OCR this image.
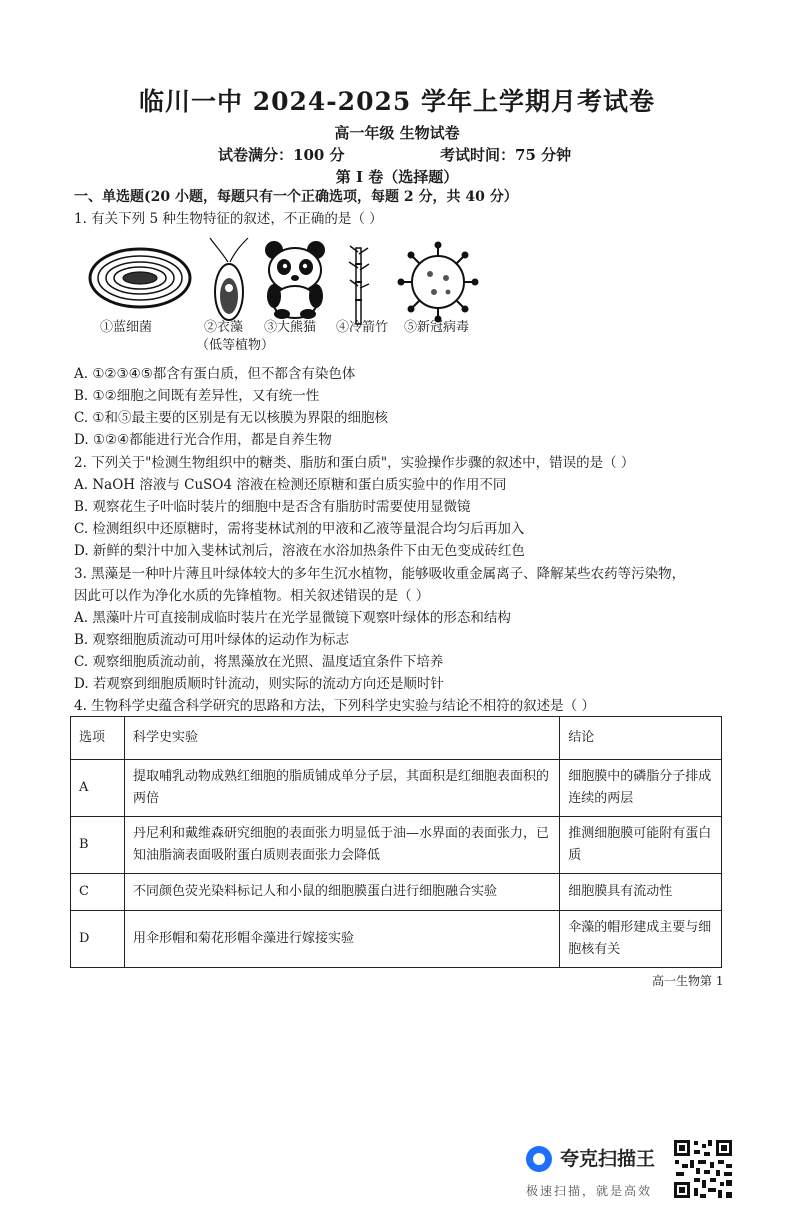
临川一中 2024-2025 学年上学期月考试卷
高一年级 生物试卷
试卷满分：100 分	考试时间：75 分钟
第 I 卷（选择题）
一、单选题(20 小题，每题只有一个正确选项，每题 2 分，共 40 分）
1. 有关下列 5 种生物特征的叙述，不正确的是（ ）
①蓝细菌	②衣藻
（低等植物）
③大熊猫 ④冷箭竹 ⑤新冠病毒
A. ①②③④⑤都含有蛋白质，但不都含有染色体
B. ①②细胞之间既有差异性，又有统一性
C. ①和⑤最主要的区别是有无以核膜为界限的细胞核
D. ①②④都能进行光合作用，都是自养生物
2. 下列关于"检测生物组织中的糖类、脂肪和蛋白质"，实验操作步骤的叙述中，错误的是（ ）
A. NaOH 溶液与 CuSO4 溶液在检测还原糖和蛋白质实验中的作用不同
B. 观察花生子叶临时装片的细胞中是否含有脂肪时需要使用显微镜
C. 检测组织中还原糖时，需将斐林试剂的甲液和乙液等量混合均匀后再加入
D. 新鲜的梨汁中加入斐林试剂后，溶液在水浴加热条件下由无色变成砖红色
3. 黑藻是一种叶片薄且叶绿体较大的多年生沉水植物，能够吸收重金属离子、降解某些农药等污染物，
因此可以作为净化水质的先锋植物。相关叙述错误的是（ ）
A. 黑藻叶片可直接制成临时装片在光学显微镜下观察叶绿体的形态和结构
B. 观察细胞质流动可用叶绿体的运动作为标志
C. 观察细胞质流动前，将黑藻放在光照、温度适宜条件下培养
D. 若观察到细胞质顺时针流动，则实际的流动方向还是顺时针
4. 生物科学史蕴含科学研究的思路和方法，下列科学史实验与结论不相符的叙述是（ ）
选项	科学史实验	结论
A	提取哺乳动物成熟红细胞的脂质铺成单分子层，其面积是红细胞表面积的两倍	细胞膜中的磷脂分子排成连续的两层
B	丹尼利和戴维森研究细胞的表面张力明显低于油—水界面的表面张力，已知油脂滴表面吸附蛋白质则表面张力会降低	推测细胞膜可能附有蛋白质
C	不同颜色荧光染料标记人和小鼠的细胞膜蛋白进行细胞融合实验	细胞膜具有流动性
D	用伞形帽和菊花形帽伞藻进行嫁接实验	伞藻的帽形建成主要与细胞核有关
高一生物第 1
夸克扫描王
极速扫描，就是高效
